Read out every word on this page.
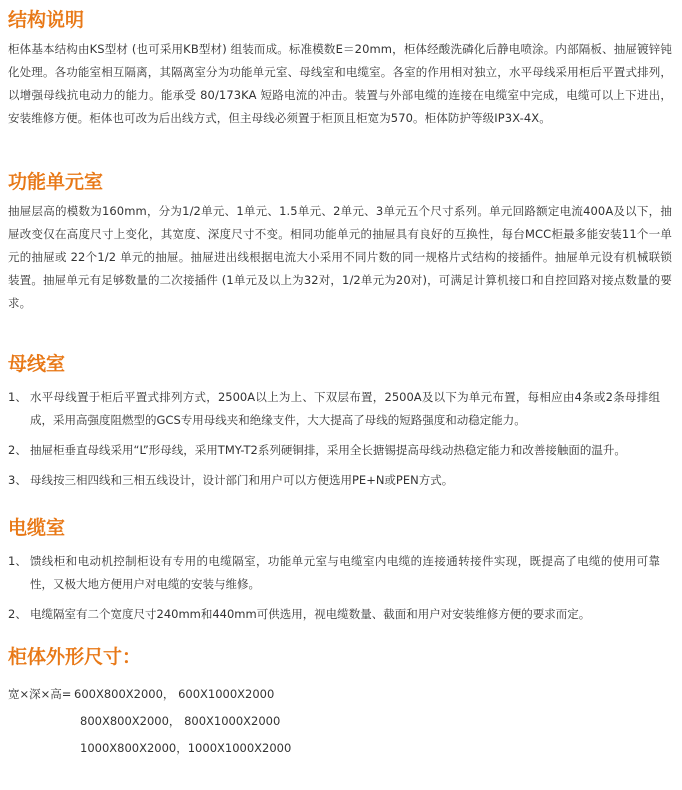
结构说明

柜体基本结构由KS型材 (也可采用KB型材) 组装而成。标准模数E＝20mm，柜体经酸洗磷化后静电喷涂。内部隔板、抽屉镀锌钝化处理。各功能室相互隔离，其隔离室分为功能单元室、母线室和电缆室。各室的作用相对独立，水平母线采用柜后平置式排列，以增强母线抗电动力的能力。能承受 80/173KA 短路电流的冲击。装置与外部电缆的连接在电缆室中完成，电缆可以上下进出，安装维修方便。柜体也可改为后出线方式，但主母线必须置于柜顶且柜宽为570。柜体防护等级IP3X-4X。

功能单元室

抽屉层高的模数为160mm，分为1/2单元、1单元、1.5单元、2单元、3单元五个尺寸系列。单元回路额定电流400A及以下，抽屉改变仅在高度尺寸上变化，其宽度、深度尺寸不变。相同功能单元的抽屉具有良好的互换性，每台MCC柜最多能安装11个一单元的抽屉或 22个1/2 单元的抽屉。抽屉进出线根据电流大小采用不同片数的同一规格片式结构的接插件。抽屉单元设有机械联锁装置。抽屉单元有足够数量的二次接插件 (1单元及以上为32对，1/2单元为20对)，可满足计算机接口和自控回路对接点数量的要求。

母线室
1、 水平母线置于柜后平置式排列方式，2500A以上为上、下双层布置，2500A及以下为单元布置，每相应由4条或2条母排组成，采用高强度阻燃型的GCS专用母线夹和绝缘支件，大大提高了母线的短路强度和动稳定能力。
2、 抽屉柜垂直母线采用“L”形母线，采用TMY-T2系列硬铜排，采用全长搪锡提高母线动热稳定能力和改善接触面的温升。
3、 母线按三相四线和三相五线设计，设计部门和用户可以方便选用PE+N或PEN方式。
电缆室
1、 馈线柜和电动机控制柜设有专用的电缆隔室，功能单元室与电缆室内电缆的连接通转接件实现，既提高了电缆的使用可靠性，又极大地方便用户对电缆的安装与维修。
2、 电缆隔室有二个宽度尺寸240mm和440mm可供选用，视电缆数量、截面和用户对安装维修方便的要求而定。
柜体外形尺寸：
宽×深×高= 600X800X2000， 600X1000X2000
800X800X2000， 800X1000X2000
1000X800X2000，1000X1000X2000
